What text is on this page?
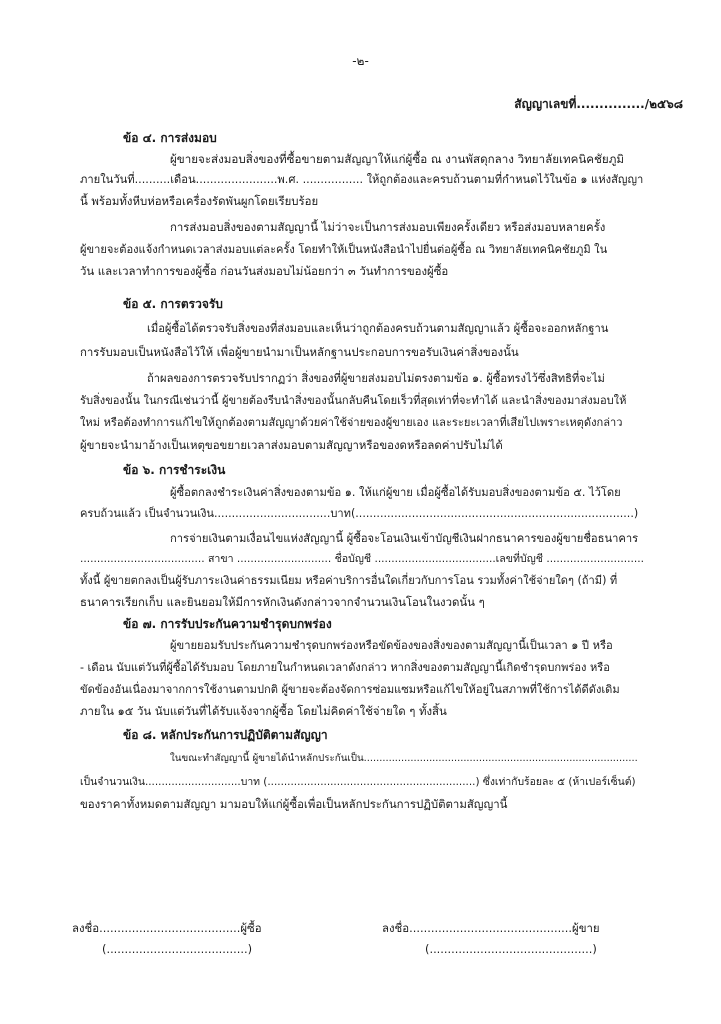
-๒-
สัญญาเลขที่.............../๒๕๖๘
ข้อ ๔. การส่งมอบ
ผู้ขายจะส่งมอบสิ่งของที่ซื้อขายตามสัญญาให้แก่ผู้ซื้อ ณ งานพัสดุกลาง วิทยาลัยเทคนิคชัยภูมิ
ภายในวันที่..........เดือน.......................พ.ศ. ................. ให้ถูกต้องและครบถ้วนตามที่กำหนดไว้ในข้อ ๑ แห่งสัญญา
นี้ พร้อมทั้งหีบห่อหรือเครื่องรัดพันผูกโดยเรียบร้อย
การส่งมอบสิ่งของตามสัญญานี้ ไม่ว่าจะเป็นการส่งมอบเพียงครั้งเดียว หรือส่งมอบหลายครั้ง
ผู้ขายจะต้องแจ้งกำหนดเวลาส่งมอบแต่ละครั้ง โดยทำให้เป็นหนังสือนำไปยื่นต่อผู้ซื้อ ณ วิทยาลัยเทคนิคชัยภูมิ ใน
วัน และเวลาทำการของผู้ซื้อ ก่อนวันส่งมอบไม่น้อยกว่า ๓ วันทำการของผู้ซื้อ
ข้อ ๕. การตรวจรับ
เมื่อผู้ซื้อได้ตรวจรับสิ่งของที่ส่งมอบและเห็นว่าถูกต้องครบถ้วนตามสัญญาแล้ว ผู้ซื้อจะออกหลักฐาน
การรับมอบเป็นหนังสือไว้ให้ เพื่อผู้ขายนำมาเป็นหลักฐานประกอบการขอรับเงินค่าสิ่งของนั้น
ถ้าผลของการตรวจรับปรากฏว่า สิ่งของที่ผู้ขายส่งมอบไม่ตรงตามข้อ ๑. ผู้ซื้อทรงไว้ซึ่งสิทธิที่จะไม่
รับสิ่งของนั้น ในกรณีเช่นว่านี้ ผู้ขายต้องรีบนำสิ่งของนั้นกลับคืนโดยเร็วที่สุดเท่าที่จะทำได้ และนำสิ่งของมาส่งมอบให้
ใหม่ หรือต้องทำการแก้ไขให้ถูกต้องตามสัญญาด้วยค่าใช้จ่ายของผู้ขายเอง และระยะเวลาที่เสียไปเพราะเหตุดังกล่าว
ผู้ขายจะนำมาอ้างเป็นเหตุขอขยายเวลาส่งมอบตามสัญญาหรือของดหรือลดค่าปรับไม่ได้
ข้อ ๖. การชำระเงิน
ผู้ซื้อตกลงชำระเงินค่าสิ่งของตามข้อ ๑. ให้แก่ผู้ขาย เมื่อผู้ซื้อได้รับมอบสิ่งของตามข้อ ๕. ไว้โดย
ครบถ้วนแล้ว เป็นจำนวนเงิน.................................บาท(...............................................................................)
การจ่ายเงินตามเงื่อนไขแห่งสัญญานี้ ผู้ซื้อจะโอนเงินเข้าบัญชีเงินฝากธนาคารของผู้ขายชื่อธนาคาร
..................................... สาขา ............................ ชื่อบัญชี ....................................เลขที่บัญชี .............................
ทั้งนี้ ผู้ขายตกลงเป็นผู้รับภาระเงินค่าธรรมเนียม หรือค่าบริการอื่นใดเกี่ยวกับการโอน รวมทั้งค่าใช้จ่ายใดๆ (ถ้ามี) ที่
ธนาคารเรียกเก็บ และยินยอมให้มีการหักเงินดังกล่าวจากจำนวนเงินโอนในงวดนั้น ๆ
ข้อ ๗. การรับประกันความชำรุดบกพร่อง
ผู้ขายยอมรับประกันความชำรุดบกพร่องหรือขัดข้องของสิ่งของตามสัญญานี้เป็นเวลา ๑ ปี หรือ
- เดือน นับแต่วันที่ผู้ซื้อได้รับมอบ โดยภายในกำหนดเวลาดังกล่าว หากสิ่งของตามสัญญานี้เกิดชำรุดบกพร่อง หรือ
ขัดข้องอันเนื่องมาจากการใช้งานตามปกติ ผู้ขายจะต้องจัดการซ่อมแซมหรือแก้ไขให้อยู่ในสภาพที่ใช้การได้ดีดังเดิม
ภายใน ๑๕ วัน นับแต่วันที่ได้รับแจ้งจากผู้ซื้อ โดยไม่คิดค่าใช้จ่ายใด ๆ ทั้งสิ้น
ข้อ ๘. หลักประกันการปฏิบัติตามสัญญา
ในขณะทำสัญญานี้ ผู้ขายได้นำหลักประกันเป็น........................................................................................
เป็นจำนวนเงิน.............................บาท (...............................................................) ซึ่งเท่ากับร้อยละ ๕ (ห้าเปอร์เซ็นต์)
ของราคาทั้งหมดตามสัญญา มามอบให้แก่ผู้ซื้อเพื่อเป็นหลักประกันการปฏิบัติตามสัญญานี้
ลงชื่อ.......................................ผู้ซื้อ
(.......................................)
ลงชื่อ.............................................ผู้ขาย
(.............................................)
